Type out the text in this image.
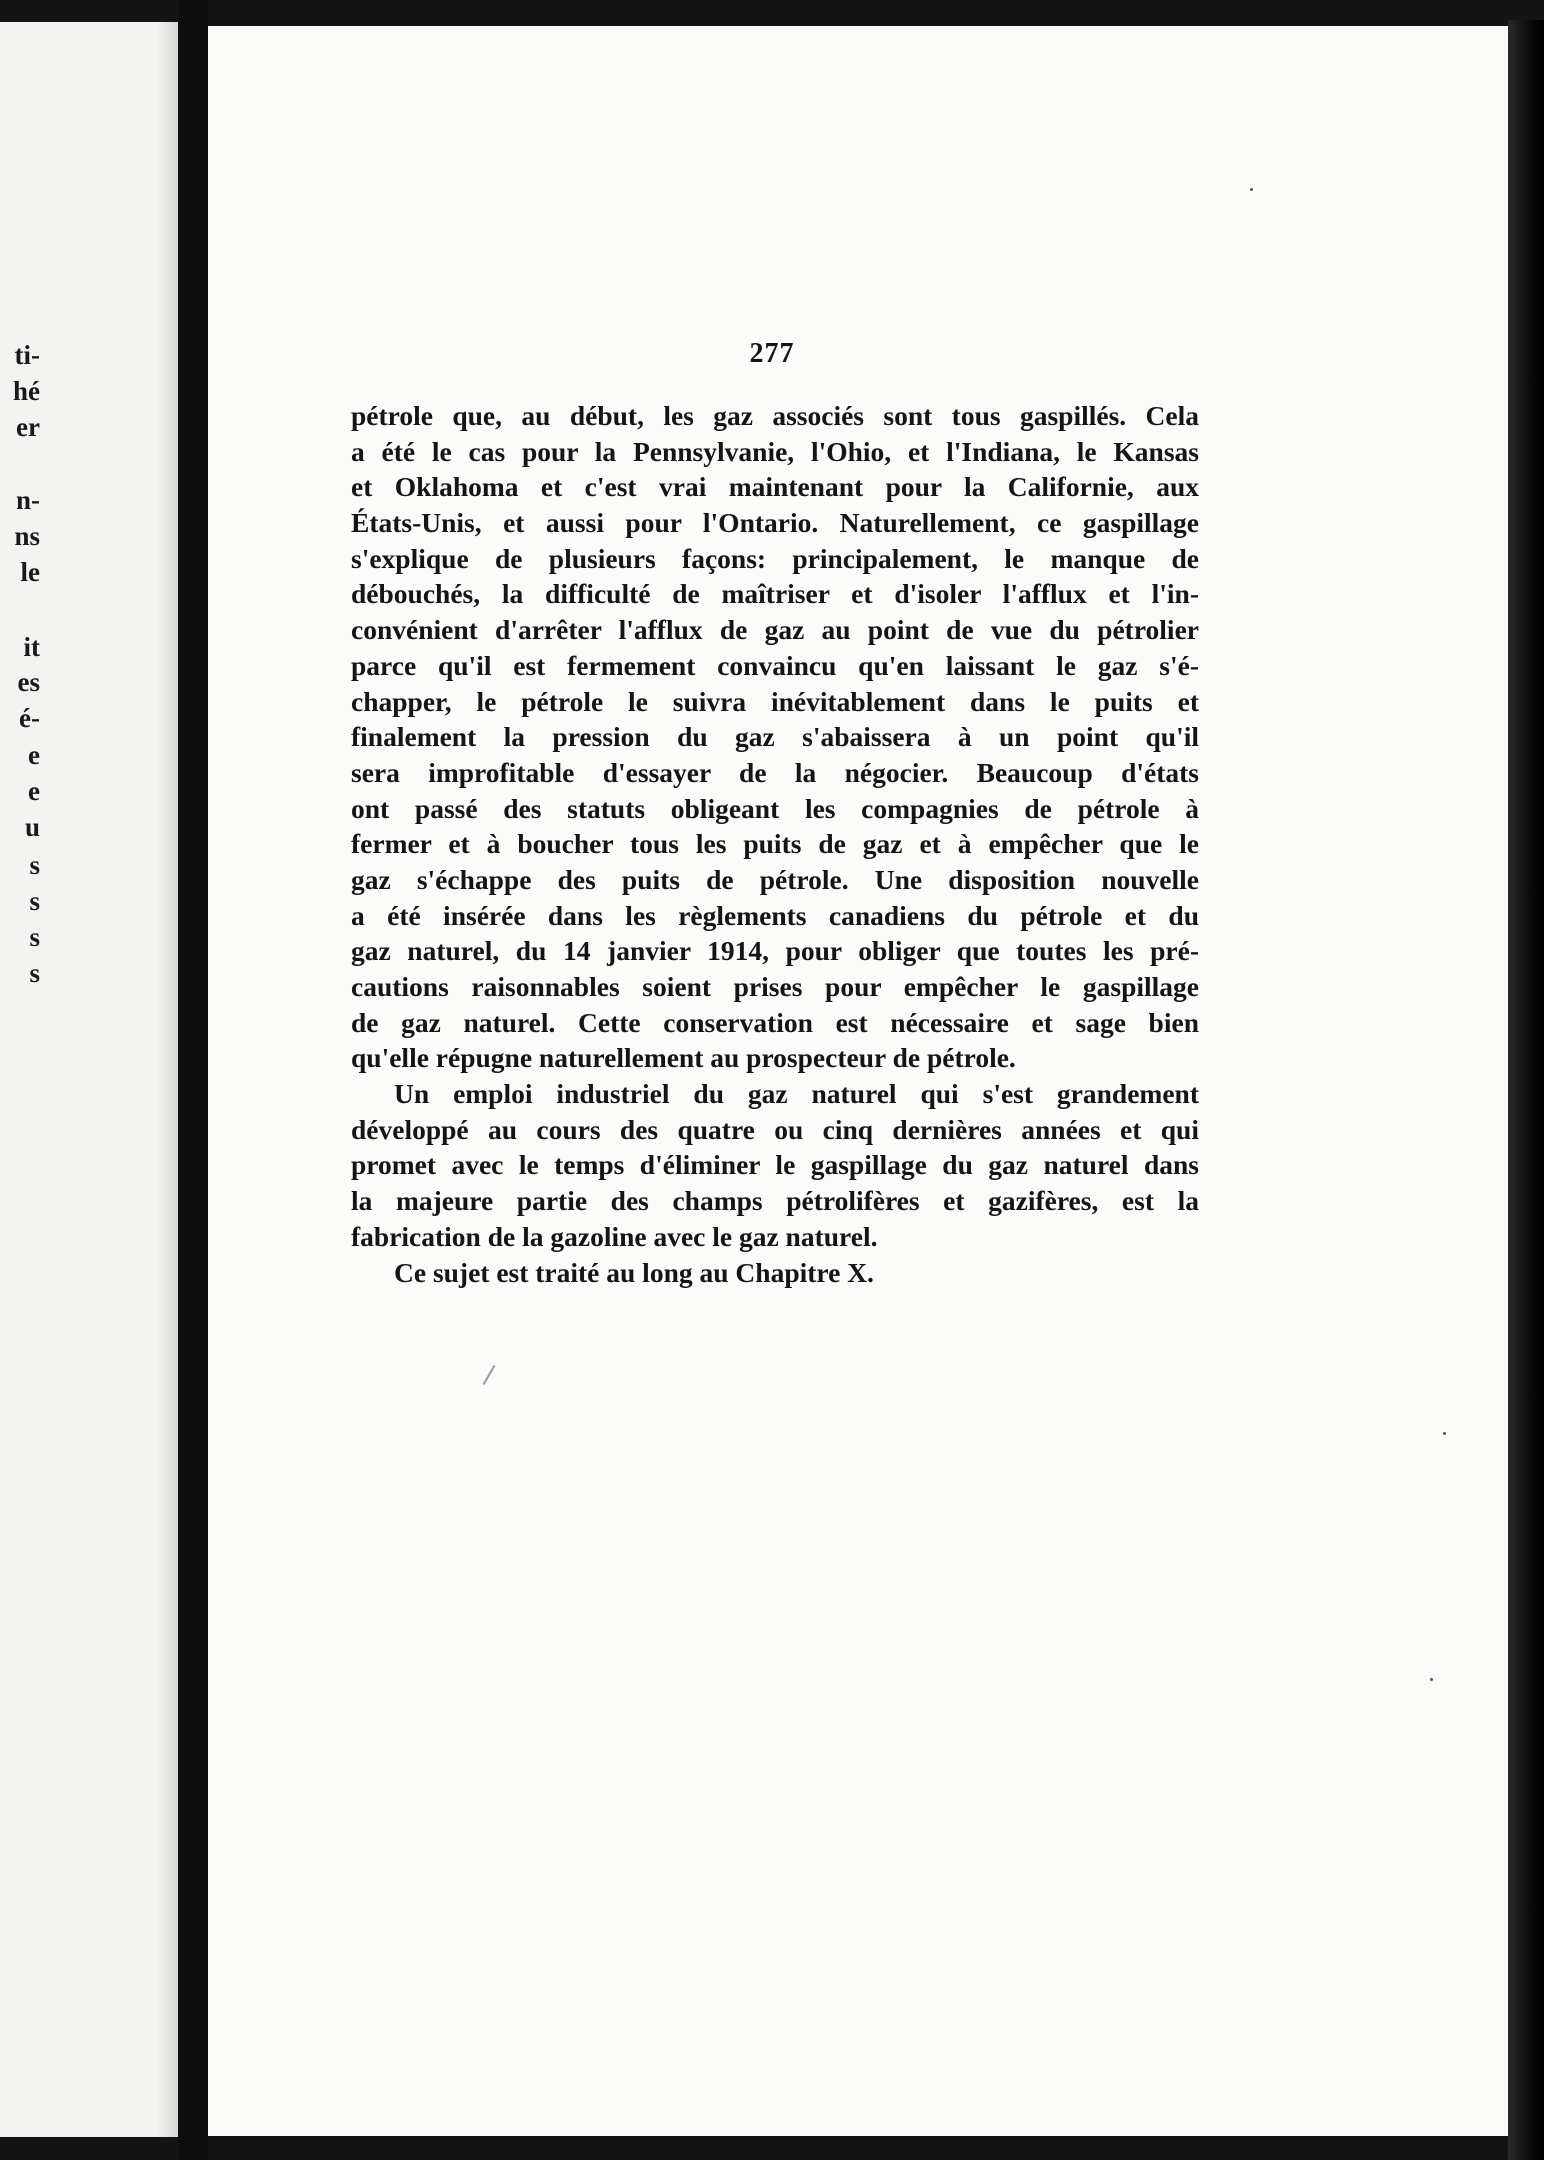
ti-
hé
er
n-
ns
le
it
es
é-
e
e
u
s
s
s
s
277
pétrole que, au début, les gaz associés sont tous gaspillés. Cela
a été le cas pour la Pennsylvanie, l'Ohio, et l'Indiana, le Kansas
et Oklahoma et c'est vrai maintenant pour la Californie, aux
États-Unis, et aussi pour l'Ontario. Naturellement, ce gaspillage
s'explique de plusieurs façons: principalement, le manque de
débouchés, la difficulté de maîtriser et d'isoler l'afflux et l'in-
convénient d'arrêter l'afflux de gaz au point de vue du pétrolier
parce qu'il est fermement convaincu qu'en laissant le gaz s'é-
chapper, le pétrole le suivra inévitablement dans le puits et
finalement la pression du gaz s'abaissera à un point qu'il
sera improfitable d'essayer de la négocier. Beaucoup d'états
ont passé des statuts obligeant les compagnies de pétrole à
fermer et à boucher tous les puits de gaz et à empêcher que le
gaz s'échappe des puits de pétrole. Une disposition nouvelle
a été insérée dans les règlements canadiens du pétrole et du
gaz naturel, du 14 janvier 1914, pour obliger que toutes les pré-
cautions raisonnables soient prises pour empêcher le gaspillage
de gaz naturel. Cette conservation est nécessaire et sage bien
qu'elle répugne naturellement au prospecteur de pétrole.
Un emploi industriel du gaz naturel qui s'est grandement
développé au cours des quatre ou cinq dernières années et qui
promet avec le temps d'éliminer le gaspillage du gaz naturel dans
la majeure partie des champs pétrolifères et gazifères, est la
fabrication de la gazoline avec le gaz naturel.
Ce sujet est traité au long au Chapitre X.
